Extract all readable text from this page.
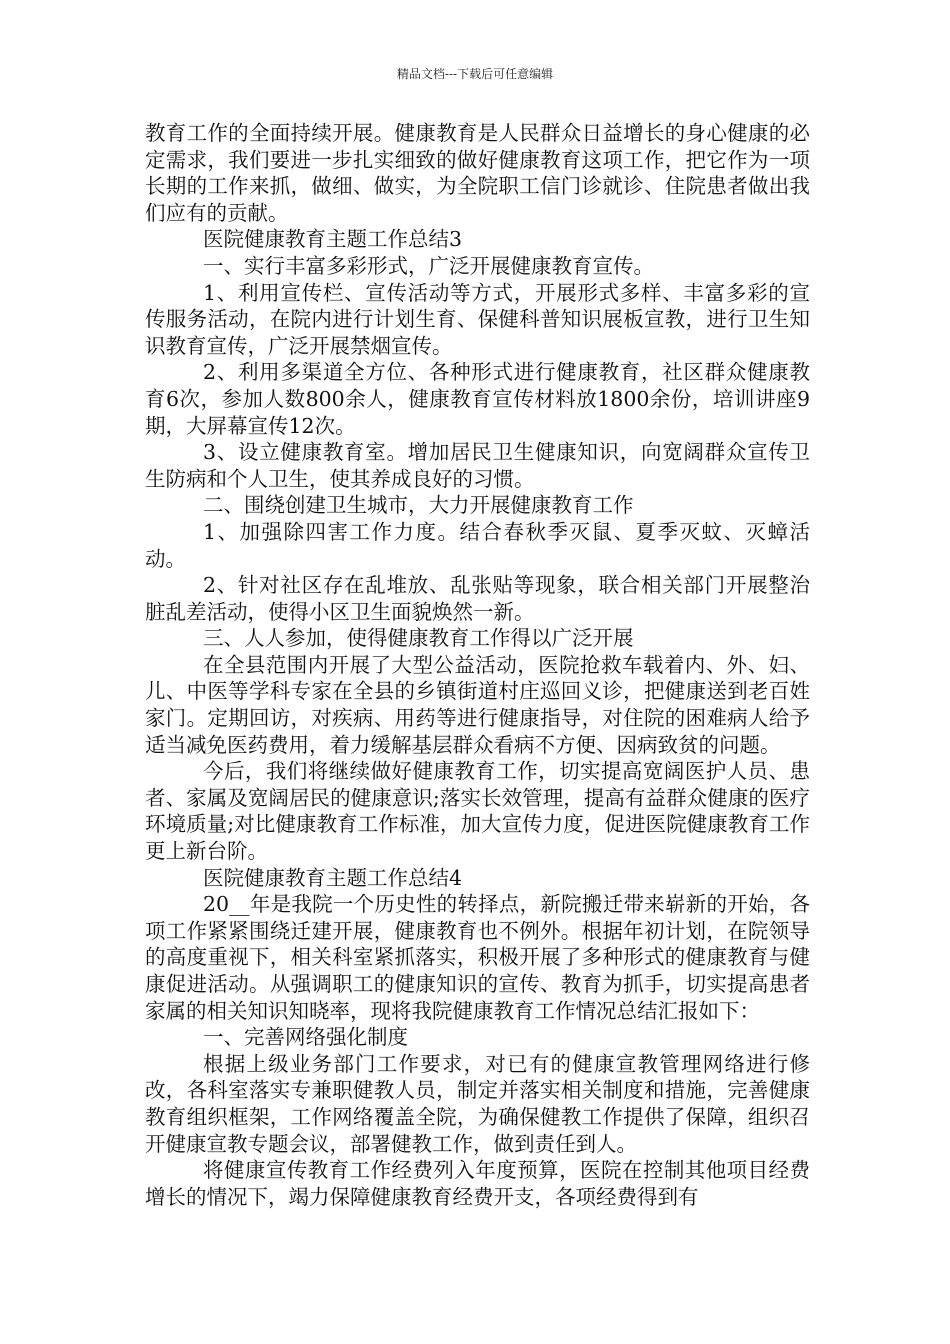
精品文档---下载后可任意编辑

教育工作的全面持续开展。健康教育是人民群众日益增长的身心健康的必定需求，我们要进一步扎实细致的做好健康教育这项工作，把它作为一项长期的工作来抓，做细、做实，为全院职工信门诊就诊、住院患者做出我们应有的贡献。

医院健康教育主题工作总结3

一、实行丰富多彩形式，广泛开展健康教育宣传。

1、利用宣传栏、宣传活动等方式，开展形式多样、丰富多彩的宣传服务活动，在院内进行计划生育、保健科普知识展板宣教，进行卫生知识教育宣传，广泛开展禁烟宣传。

2、利用多渠道全方位、各种形式进行健康教育，社区群众健康教育6次，参加人数800余人，健康教育宣传材料放1800余份，培训讲座9期，大屏幕宣传12次。

3、设立健康教育室。增加居民卫生健康知识，向宽阔群众宣传卫生防病和个人卫生，使其养成良好的习惯。

二、围绕创建卫生城市，大力开展健康教育工作

1、加强除四害工作力度。结合春秋季灭鼠、夏季灭蚊、灭蟑活动。

2、针对社区存在乱堆放、乱张贴等现象，联合相关部门开展整治脏乱差活动，使得小区卫生面貌焕然一新。

三、人人参加，使得健康教育工作得以广泛开展

在全县范围内开展了大型公益活动，医院抢救车载着内、外、妇、儿、中医等学科专家在全县的乡镇街道村庄巡回义诊，把健康送到老百姓家门。定期回访，对疾病、用药等进行健康指导，对住院的困难病人给予适当减免医药费用，着力缓解基层群众看病不方便、因病致贫的问题。

今后，我们将继续做好健康教育工作，切实提高宽阔医护人员、患者、家属及宽阔居民的健康意识;落实长效管理，提高有益群众健康的医疗环境质量;对比健康教育工作标准，加大宣传力度，促进医院健康教育工作更上新台阶。

医院健康教育主题工作总结4

20__年是我院一个历史性的转择点，新院搬迁带来崭新的开始，各项工作紧紧围绕迁建开展，健康教育也不例外。根据年初计划，在院领导的高度重视下，相关科室紧抓落实，积极开展了多种形式的健康教育与健康促进活动。从强调职工的健康知识的宣传、教育为抓手，切实提高患者家属的相关知识知晓率，现将我院健康教育工作情况总结汇报如下：

一、完善网络强化制度

根据上级业务部门工作要求，对已有的健康宣教管理网络进行修改，各科室落实专兼职健教人员，制定并落实相关制度和措施，完善健康教育组织框架，工作网络覆盖全院，为确保健教工作提供了保障，组织召开健康宣教专题会议，部署健教工作，做到责任到人。

将健康宣传教育工作经费列入年度预算，医院在控制其他项目经费增长的情况下，竭力保障健康教育经费开支，各项经费得到有
